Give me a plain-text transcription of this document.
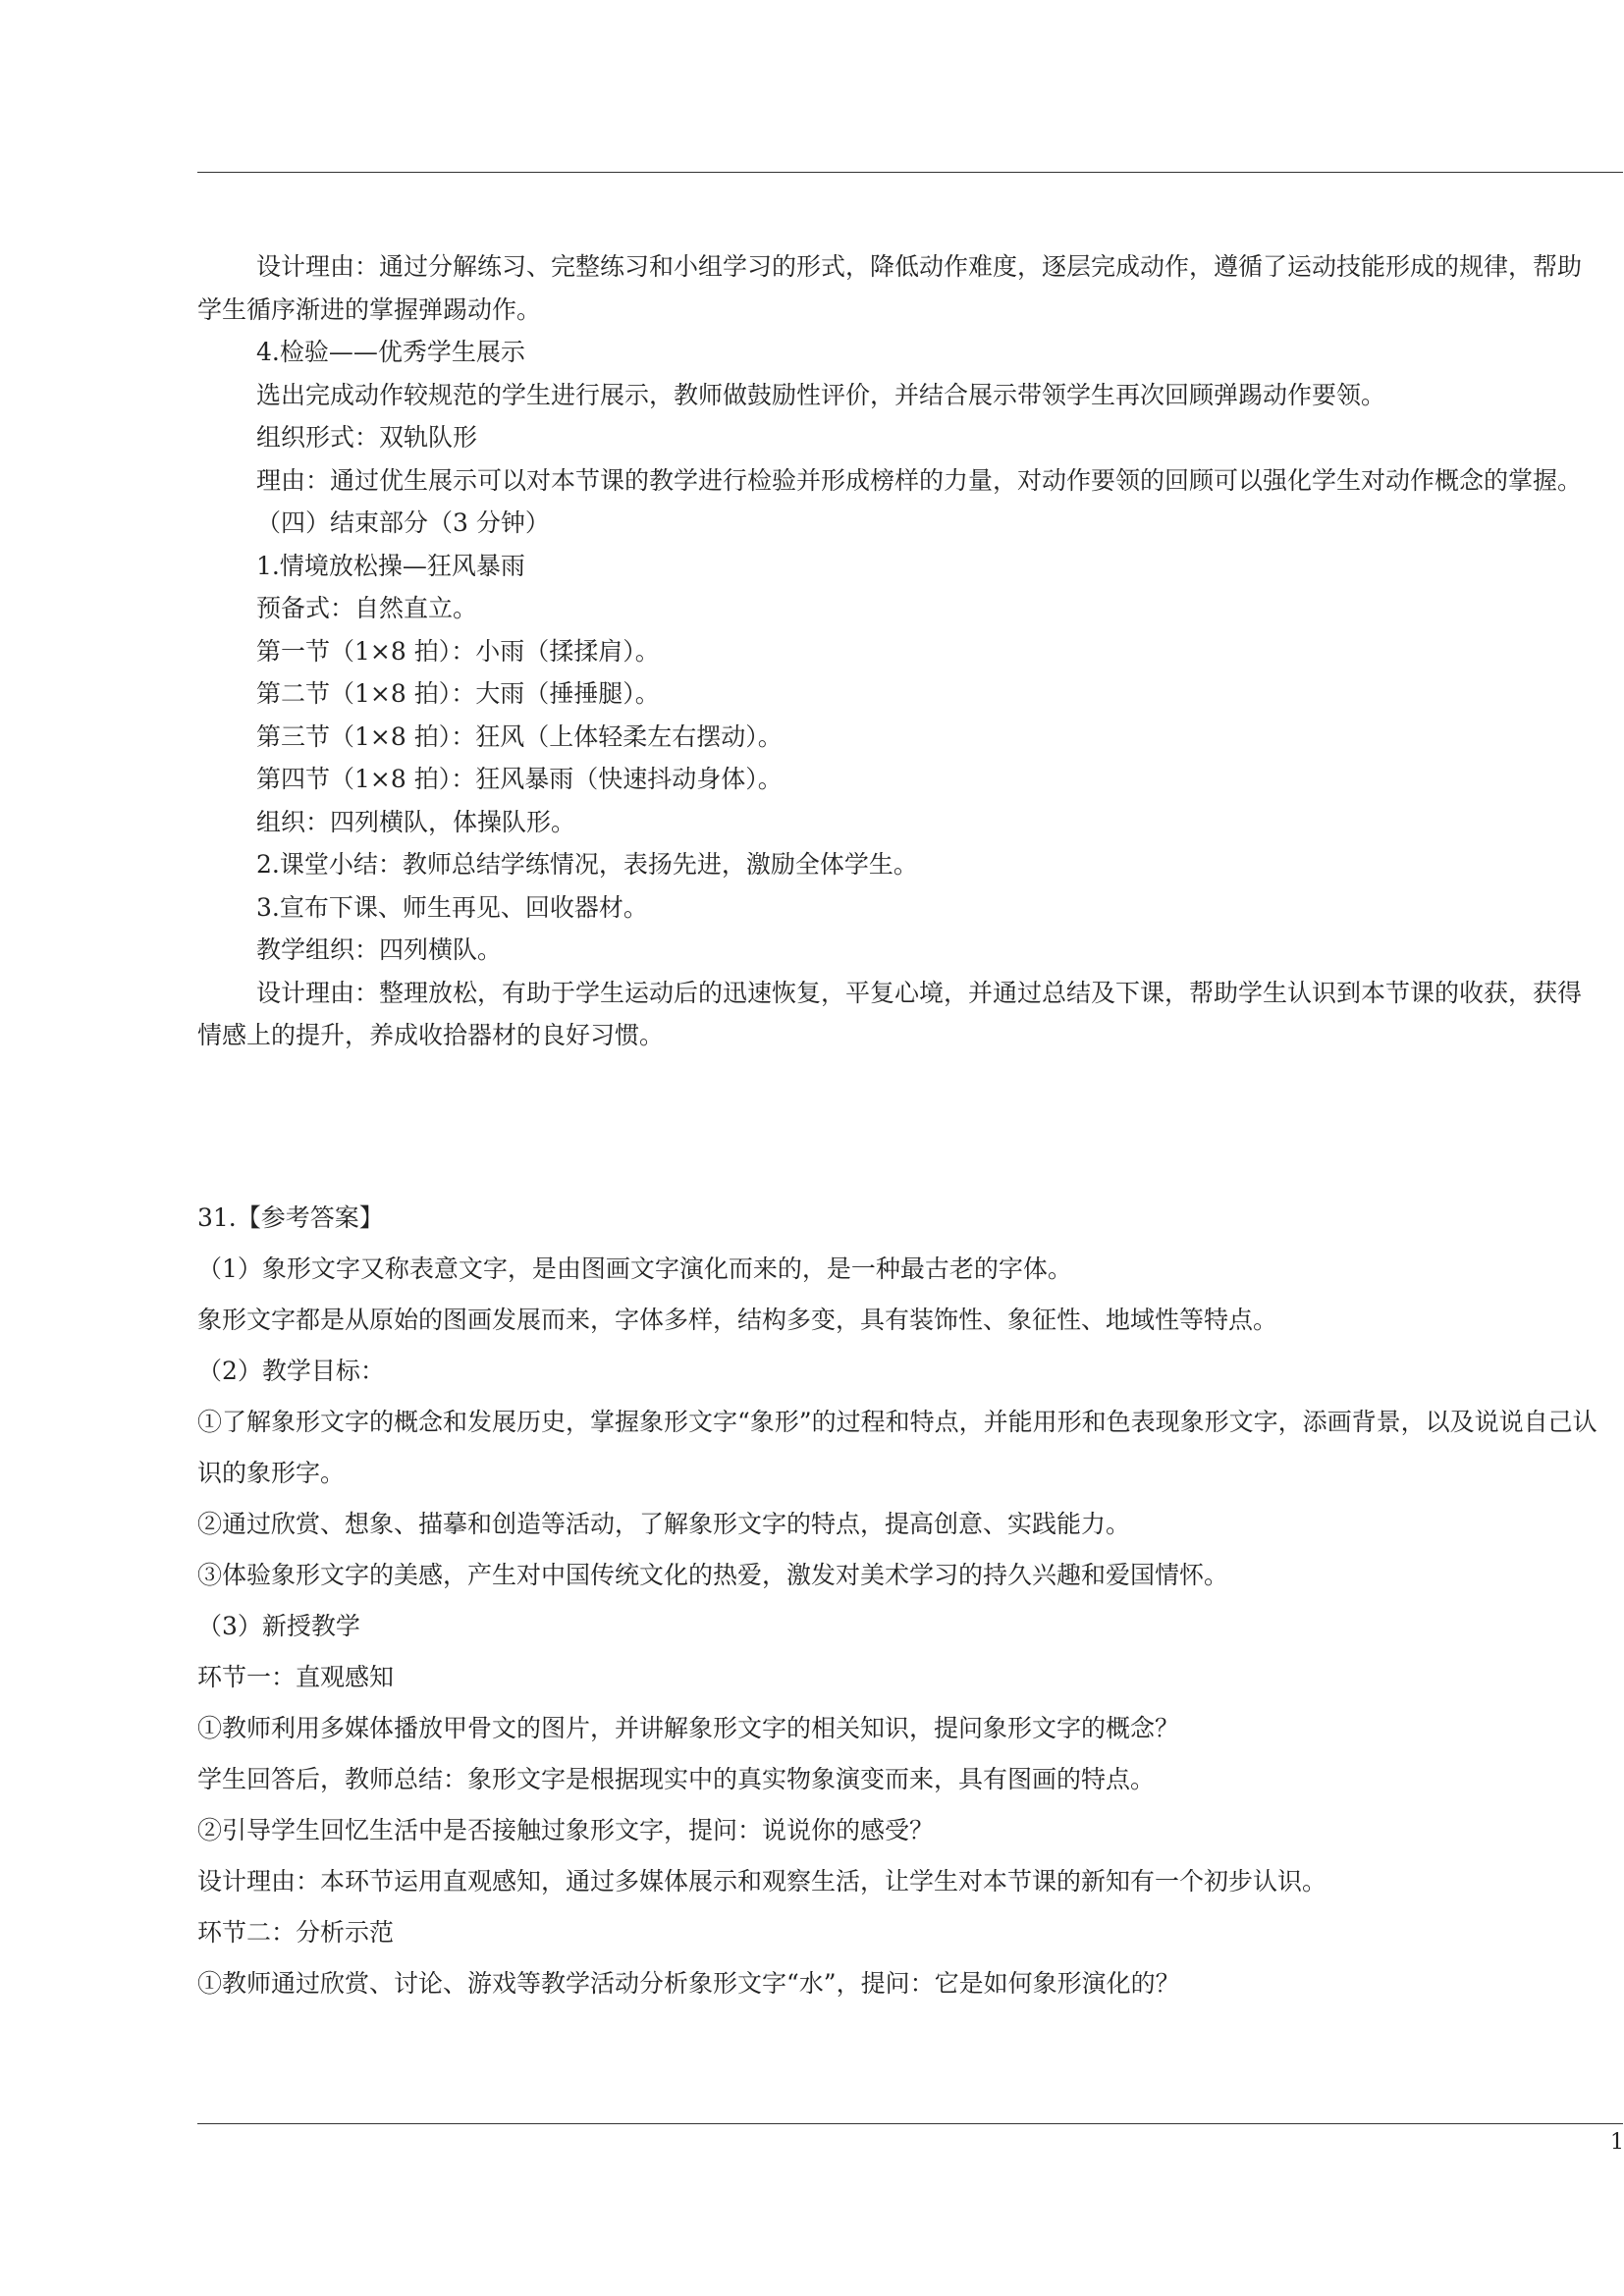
设计理由：通过分解练习、完整练习和小组学习的形式，降低动作难度，逐层完成动作，遵循了运动技能形成的规律，帮助学生循序渐进的掌握弹踢动作。

4.检验——优秀学生展示

选出完成动作较规范的学生进行展示，教师做鼓励性评价，并结合展示带领学生再次回顾弹踢动作要领。

组织形式：双轨队形

理由：通过优生展示可以对本节课的教学进行检验并形成榜样的力量，对动作要领的回顾可以强化学生对动作概念的掌握。

（四）结束部分（3 分钟）

1.情境放松操—狂风暴雨

预备式：自然直立。

第一节（1×8 拍）：小雨（揉揉肩）。

第二节（1×8 拍）：大雨（捶捶腿）。

第三节（1×8 拍）：狂风（上体轻柔左右摆动）。

第四节（1×8 拍）：狂风暴雨（快速抖动身体）。

组织：四列横队，体操队形。

2.课堂小结：教师总结学练情况，表扬先进，激励全体学生。

3.宣布下课、师生再见、回收器材。

教学组织：四列横队。

设计理由：整理放松，有助于学生运动后的迅速恢复，平复心境，并通过总结及下课，帮助学生认识到本节课的收获，获得情感上的提升，养成收拾器材的良好习惯。

31.【参考答案】

（1）象形文字又称表意文字，是由图画文字演化而来的，是一种最古老的字体。

象形文字都是从原始的图画发展而来，字体多样，结构多变，具有装饰性、象征性、地域性等特点。

（2）教学目标：

①了解象形文字的概念和发展历史，掌握象形文字“象形”的过程和特点，并能用形和色表现象形文字，添画背景，以及说说自己认识的象形字。

②通过欣赏、想象、描摹和创造等活动，了解象形文字的特点，提高创意、实践能力。

③体验象形文字的美感，产生对中国传统文化的热爱，激发对美术学习的持久兴趣和爱国情怀。

（3）新授教学

环节一：直观感知

①教师利用多媒体播放甲骨文的图片，并讲解象形文字的相关知识，提问象形文字的概念？

学生回答后，教师总结：象形文字是根据现实中的真实物象演变而来，具有图画的特点。

②引导学生回忆生活中是否接触过象形文字，提问：说说你的感受？

设计理由：本环节运用直观感知，通过多媒体展示和观察生活，让学生对本节课的新知有一个初步认识。

环节二：分析示范

①教师通过欣赏、讨论、游戏等教学活动分析象形文字“水”，提问：它是如何象形演化的？

1
